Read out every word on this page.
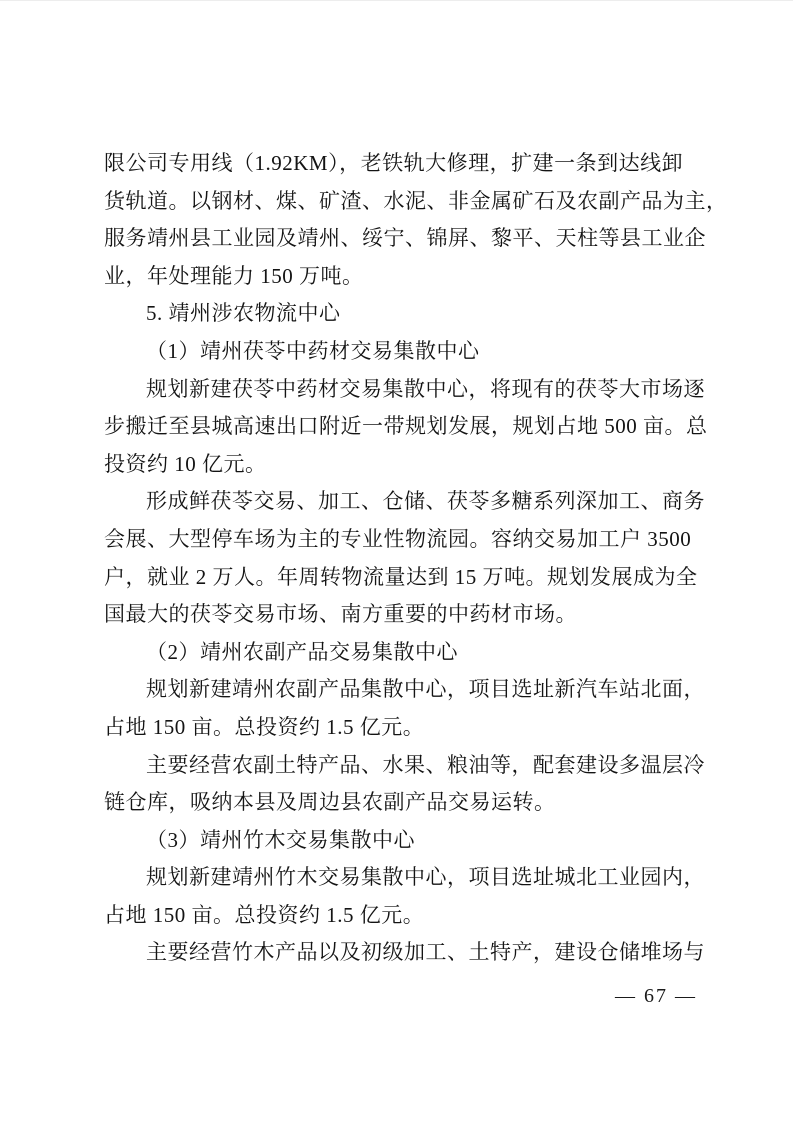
限公司专用线（1.92KM），老铁轨大修理，扩建一条到达线卸
货轨道。以钢材、煤、矿渣、水泥、非金属矿石及农副产品为主，
服务靖州县工业园及靖州、绥宁、锦屏、黎平、天柱等县工业企
业，年处理能力 150 万吨。
5. 靖州涉农物流中心
（1）靖州茯苓中药材交易集散中心
规划新建茯苓中药材交易集散中心，将现有的茯苓大市场逐
步搬迁至县城高速出口附近一带规划发展，规划占地 500 亩。总
投资约 10 亿元。
形成鲜茯苓交易、加工、仓储、茯苓多糖系列深加工、商务
会展、大型停车场为主的专业性物流园。容纳交易加工户 3500
户，就业 2 万人。年周转物流量达到 15 万吨。规划发展成为全
国最大的茯苓交易市场、南方重要的中药材市场。
（2）靖州农副产品交易集散中心
规划新建靖州农副产品集散中心，项目选址新汽车站北面，
占地 150 亩。总投资约 1.5 亿元。
主要经营农副土特产品、水果、粮油等，配套建设多温层冷
链仓库，吸纳本县及周边县农副产品交易运转。
（3）靖州竹木交易集散中心
规划新建靖州竹木交易集散中心，项目选址城北工业园内，
占地 150 亩。总投资约 1.5 亿元。
主要经营竹木产品以及初级加工、土特产，建设仓储堆场与
— 67 —
